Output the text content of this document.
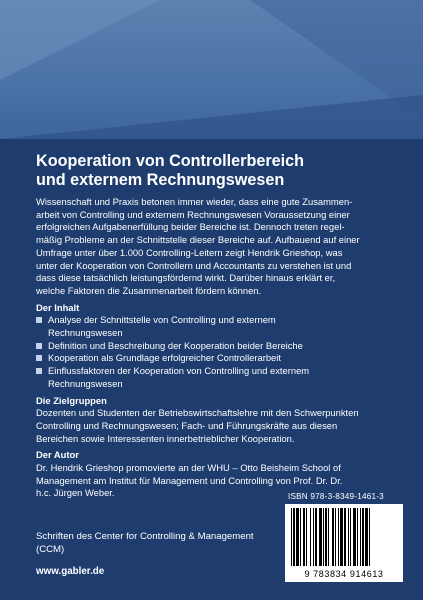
Kooperation von Controllerbereich
und externem Rechnungswesen
Wissenschaft und Praxis betonen immer wieder, dass eine gute Zusammen-
arbeit von Controlling und externem Rechnungswesen Voraussetzung einer
erfolgreichen Aufgabenerfüllung beider Bereiche ist. Dennoch treten regel-
mäßig Probleme an der Schnittstelle dieser Bereiche auf. Aufbauend auf einer
Umfrage unter über 1.000 Controlling-Leitern zeigt Hendrik Grieshop, was
unter der Kooperation von Controllern und Accountants zu verstehen ist und
dass diese tatsächlich leistungsfördernd wirkt. Darüber hinaus erklärt er,
welche Faktoren die Zusammenarbeit fördern können.
Der Inhalt
Analyse der Schnittstelle von Controlling und externem
Rechnungswesen
Definition und Beschreibung der Kooperation beider Bereiche
Kooperation als Grundlage erfolgreicher Controllerarbeit
Einflussfaktoren der Kooperation von Controlling und externem
Rechnungswesen
Die Zielgruppen
Dozenten und Studenten der Betriebswirtschaftslehre mit den Schwerpunkten
Controlling und Rechnungswesen; Fach- und Führungskräfte aus diesen
Bereichen sowie Interessenten innerbetrieblicher Kooperation.
Der Autor
Dr. Hendrik Grieshop promovierte an der WHU – Otto Beisheim School of
Management am Institut für Management und Controlling von Prof. Dr. Dr.
h.c. Jürgen Weber.	ISBN 978-3-8349-1461-3
9 783834 914613
Schriften des Center for Controlling & Management
(CCM)
www.gabler.de
